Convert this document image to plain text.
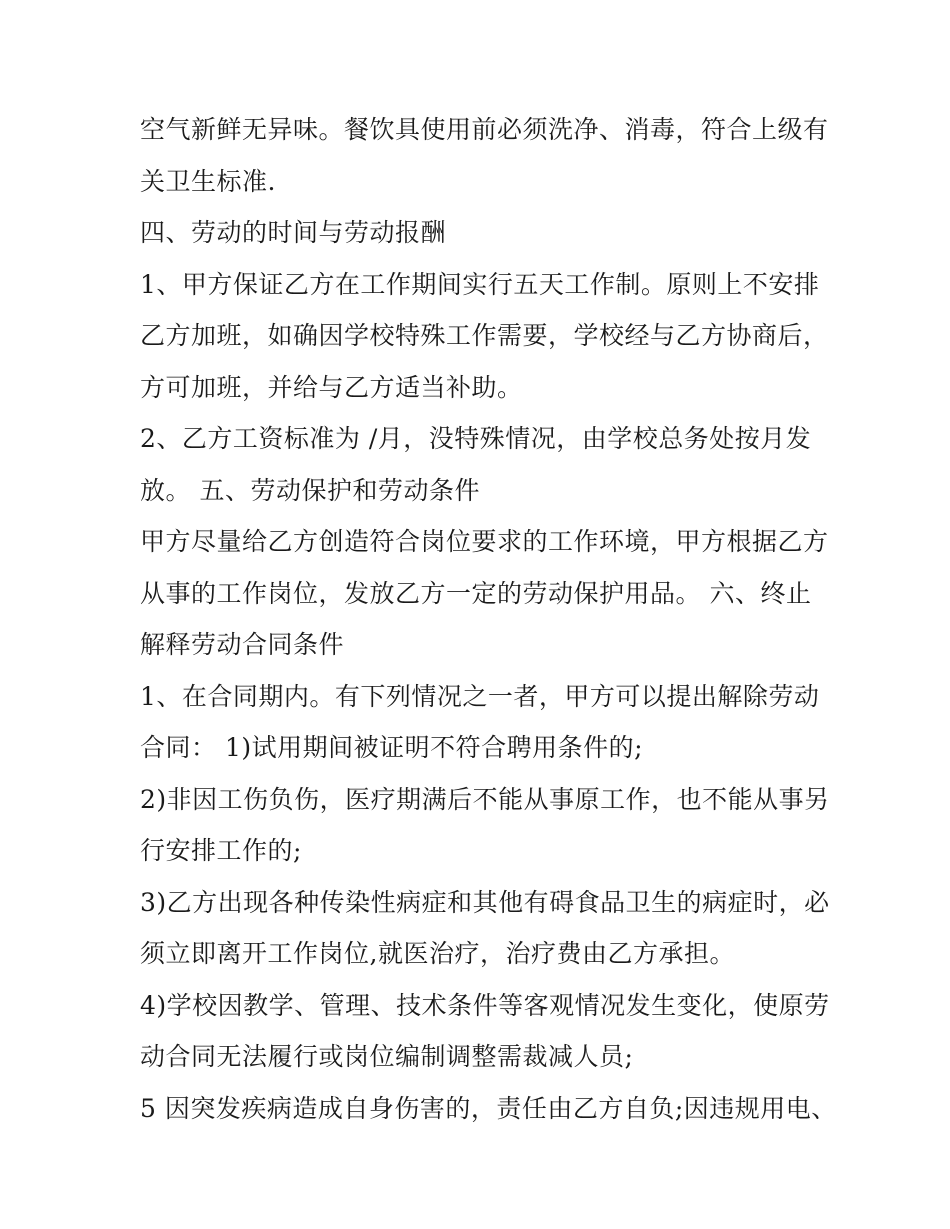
空气新鲜无异味。餐饮具使用前必须洗净、消毒，符合上级有
关卫生标准.
四、劳动的时间与劳动报酬
1、甲方保证乙方在工作期间实行五天工作制。原则上不安排
乙方加班，如确因学校特殊工作需要，学校经与乙方协商后，
方可加班，并给与乙方适当补助。
2、乙方工资标准为 /月，没特殊情况，由学校总务处按月发
放。 五、劳动保护和劳动条件
甲方尽量给乙方创造符合岗位要求的工作环境，甲方根据乙方
从事的工作岗位，发放乙方一定的劳动保护用品。 六、终止
解释劳动合同条件
1、在合同期内。有下列情况之一者，甲方可以提出解除劳动
合同： 1)试用期间被证明不符合聘用条件的;
2)非因工伤负伤，医疗期满后不能从事原工作，也不能从事另
行安排工作的;
3)乙方出现各种传染性病症和其他有碍食品卫生的病症时，必
须立即离开工作岗位,就医治疗，治疗费由乙方承担。
4)学校因教学、管理、技术条件等客观情况发生变化，使原劳
动合同无法履行或岗位编制调整需裁减人员;
5 因突发疾病造成自身伤害的，责任由乙方自负;因违规用电、
